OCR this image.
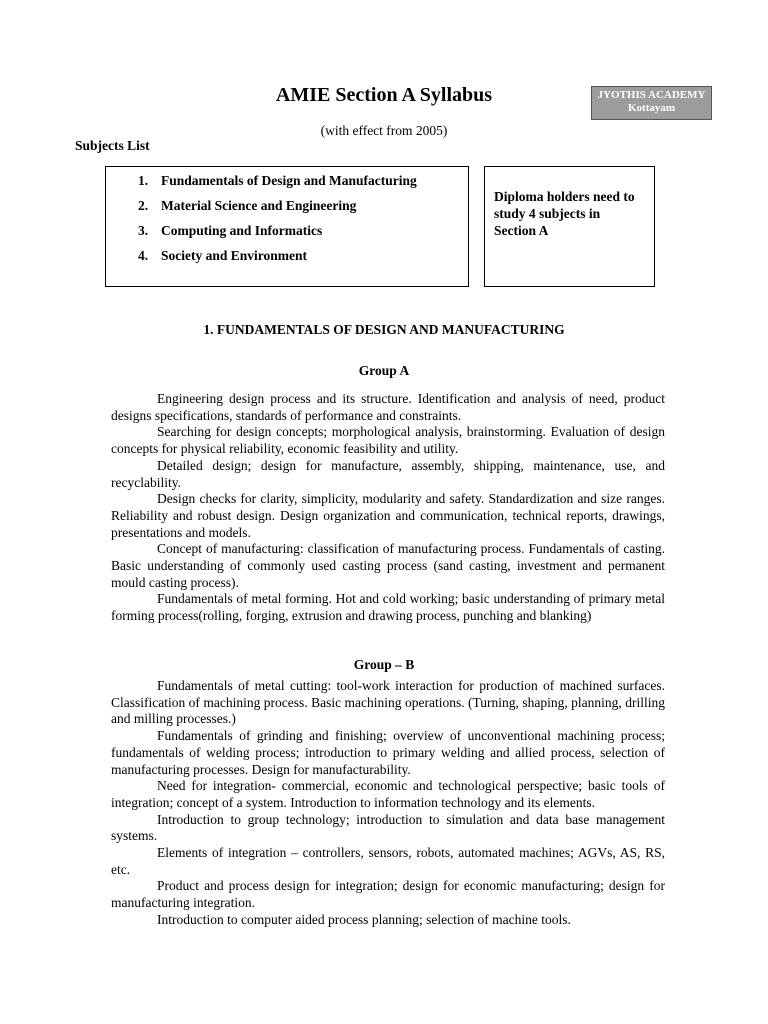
AMIE Section A Syllabus	JYOTHIS ACADEMY
Kottayam
(with effect from 2005)
Subjects List
1. Fundamentals of Design and Manufacturing
2. Material Science and Engineering
3. Computing and Informatics
4. Society and Environment
Diploma holders need to study 4 subjects in Section A
1. FUNDAMENTALS OF DESIGN AND MANUFACTURING
Group A

Engineering design process and its structure. Identification and analysis of need, product designs specifications, standards of performance and constraints.

Searching for design concepts; morphological analysis, brainstorming. Evaluation of design concepts for physical reliability, economic feasibility and utility.

Detailed design; design for manufacture, assembly, shipping, maintenance, use, and recyclability.

Design checks for clarity, simplicity, modularity and safety. Standardization and size ranges. Reliability and robust design. Design organization and communication, technical reports, drawings, presentations and models.

Concept of manufacturing: classification of manufacturing process. Fundamentals of casting. Basic understanding of commonly used casting process (sand casting, investment and permanent mould casting process).

Fundamentals of metal forming. Hot and cold working; basic understanding of primary metal forming process(rolling, forging, extrusion and drawing process, punching and blanking)

Group – B

Fundamentals of metal cutting: tool-work interaction for production of machined surfaces. Classification of machining process. Basic machining operations. (Turning, shaping, planning, drilling and milling processes.)

Fundamentals of grinding and finishing; overview of unconventional machining process; fundamentals of welding process; introduction to primary welding and allied process, selection of manufacturing processes. Design for manufacturability.

Need for integration- commercial, economic and technological perspective; basic tools of integration; concept of a system. Introduction to information technology and its elements.

Introduction to group technology; introduction to simulation and data base management systems.

Elements of integration – controllers, sensors, robots, automated machines; AGVs, AS, RS, etc.

Product and process design for integration; design for economic manufacturing; design for manufacturing integration.

Introduction to computer aided process planning; selection of machine tools.
